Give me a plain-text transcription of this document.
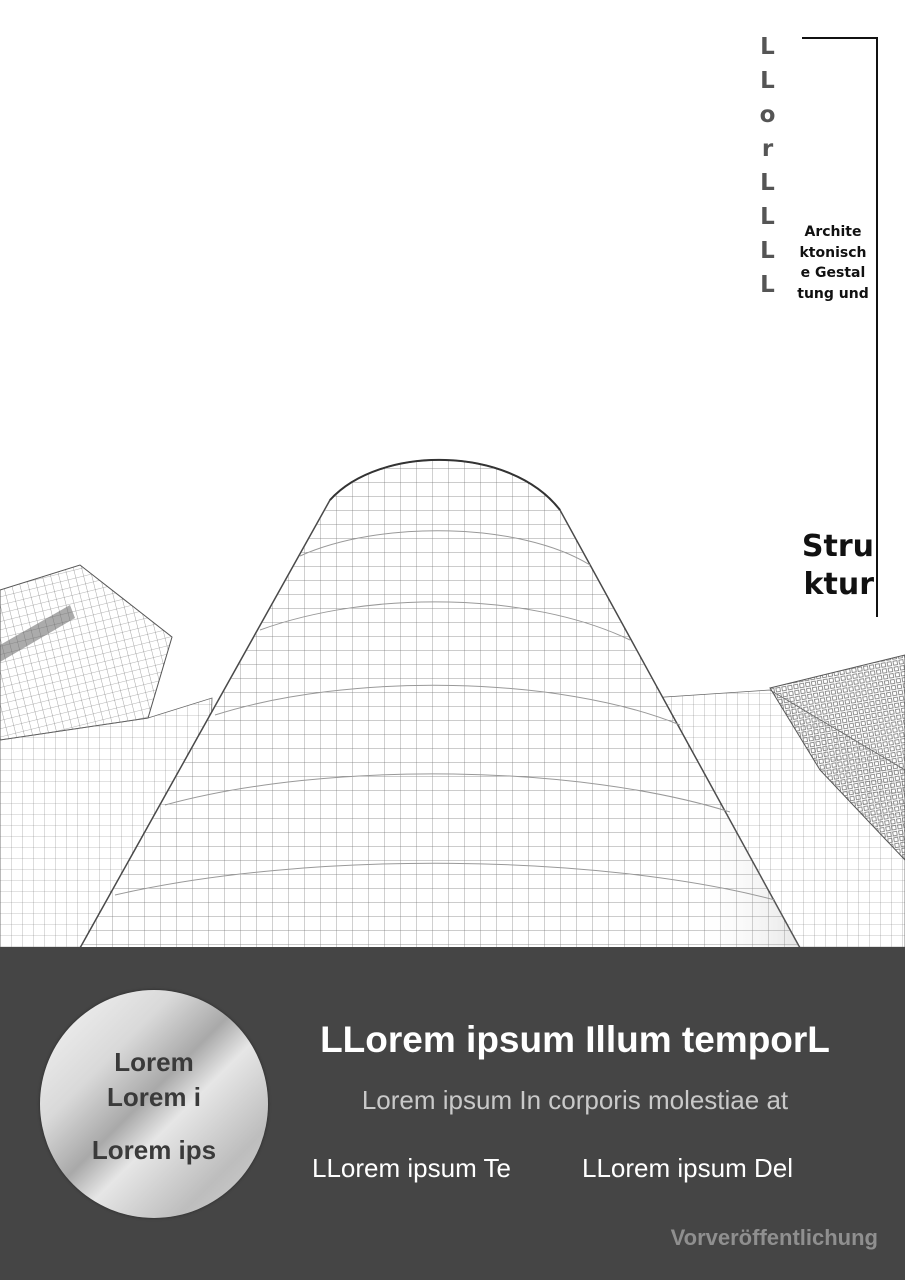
L
L
o
r
L
L
L
L
Archite
ktonisch
e Gestal
tung und
Stru
ktur
Lorem
Lorem i
Lorem ips
LLorem ipsum Illum temporL
Lorem ipsum In corporis molestiae at
LLorem ipsum Te	LLorem ipsum Del
Vorveröffentlichung
